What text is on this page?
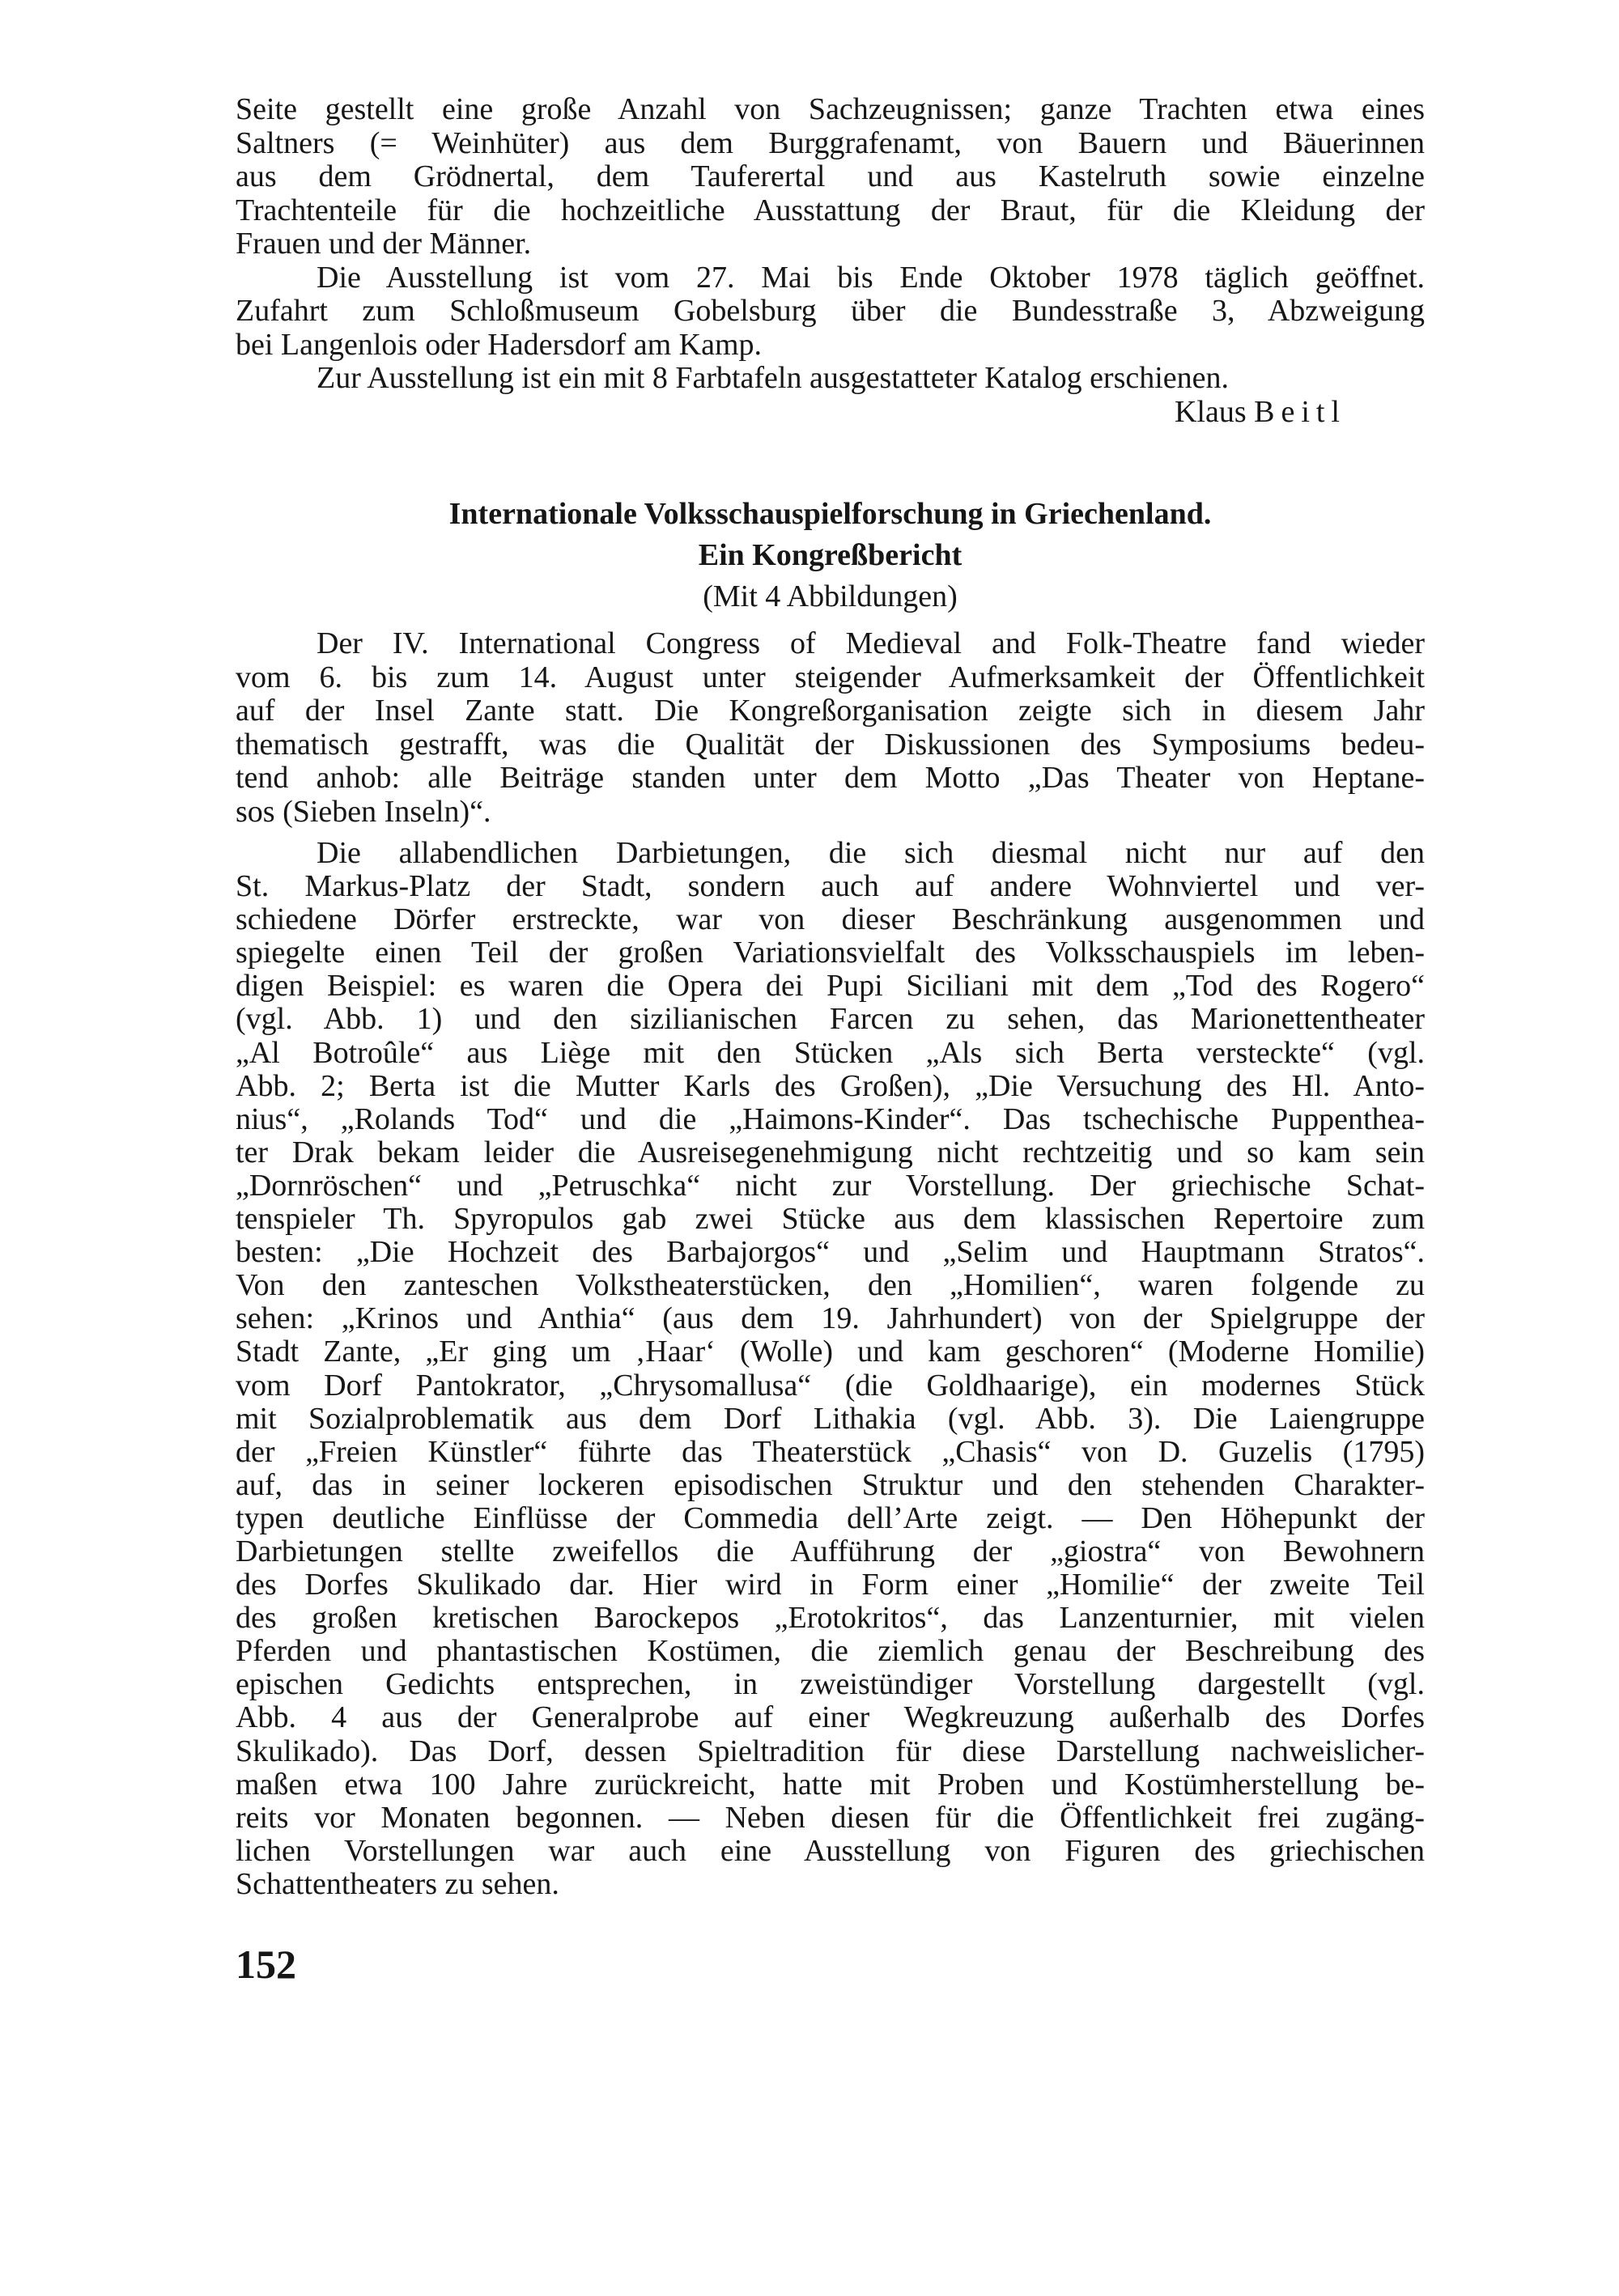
Seite gestellt eine große Anzahl von Sachzeugnissen; ganze Trachten etwa eines
Saltners (= Weinhüter) aus dem Burggrafenamt, von Bauern und Bäuerinnen
aus dem Grödnertal, dem Tauferertal und aus Kastelruth sowie einzelne
Trachtenteile für die hochzeitliche Ausstattung der Braut, für die Kleidung der
Frauen und der Männer.
Die Ausstellung ist vom 27. Mai bis Ende Oktober 1978 täglich geöffnet.
Zufahrt zum Schloßmuseum Gobelsburg über die Bundesstraße 3, Abzweigung
bei Langenlois oder Hadersdorf am Kamp.
Zur Ausstellung ist ein mit 8 Farbtafeln ausgestatteter Katalog erschienen.
Klaus Beitl
Internationale Volksschauspielforschung in Griechenland.
Ein Kongreßbericht
(Mit 4 Abbildungen)
Der IV. International Congress of Medieval and Folk-Theatre fand wieder
vom 6. bis zum 14. August unter steigender Aufmerksamkeit der Öffentlichkeit
auf der Insel Zante statt. Die Kongreßorganisation zeigte sich in diesem Jahr
thematisch gestrafft, was die Qualität der Diskussionen des Symposiums bedeu-
tend anhob: alle Beiträge standen unter dem Motto „Das Theater von Heptane-
sos (Sieben Inseln)“.
Die allabendlichen Darbietungen, die sich diesmal nicht nur auf den
St. Markus-Platz der Stadt, sondern auch auf andere Wohnviertel und ver-
schiedene Dörfer erstreckte, war von dieser Beschränkung ausgenommen und
spiegelte einen Teil der großen Variationsvielfalt des Volksschauspiels im leben-
digen Beispiel: es waren die Opera dei Pupi Siciliani mit dem „Tod des Rogero“
(vgl. Abb. 1) und den sizilianischen Farcen zu sehen, das Marionettentheater
„Al Botroûle“ aus Liège mit den Stücken „Als sich Berta versteckte“ (vgl.
Abb. 2; Berta ist die Mutter Karls des Großen), „Die Versuchung des Hl. Anto-
nius“, „Rolands Tod“ und die „Haimons-Kinder“. Das tschechische Puppenthea-
ter Drak bekam leider die Ausreisegenehmigung nicht rechtzeitig und so kam sein
„Dornröschen“ und „Petruschka“ nicht zur Vorstellung. Der griechische Schat-
tenspieler Th. Spyropulos gab zwei Stücke aus dem klassischen Repertoire zum
besten: „Die Hochzeit des Barbajorgos“ und „Selim und Hauptmann Stratos“.
Von den zanteschen Volkstheaterstücken, den „Homilien“, waren folgende zu
sehen: „Krinos und Anthia“ (aus dem 19. Jahrhundert) von der Spielgruppe der
Stadt Zante, „Er ging um ‚Haar‘ (Wolle) und kam geschoren“ (Moderne Homilie)
vom Dorf Pantokrator, „Chrysomallusa“ (die Goldhaarige), ein modernes Stück
mit Sozialproblematik aus dem Dorf Lithakia (vgl. Abb. 3). Die Laiengruppe
der „Freien Künstler“ führte das Theaterstück „Chasis“ von D. Guzelis (1795)
auf, das in seiner lockeren episodischen Struktur und den stehenden Charakter-
typen deutliche Einflüsse der Commedia dell’Arte zeigt. — Den Höhepunkt der
Darbietungen stellte zweifellos die Aufführung der „giostra“ von Bewohnern
des Dorfes Skulikado dar. Hier wird in Form einer „Homilie“ der zweite Teil
des großen kretischen Barockepos „Erotokritos“, das Lanzenturnier, mit vielen
Pferden und phantastischen Kostümen, die ziemlich genau der Beschreibung des
epischen Gedichts entsprechen, in zweistündiger Vorstellung dargestellt (vgl.
Abb. 4 aus der Generalprobe auf einer Wegkreuzung außerhalb des Dorfes
Skulikado). Das Dorf, dessen Spieltradition für diese Darstellung nachweislicher-
maßen etwa 100 Jahre zurückreicht, hatte mit Proben und Kostümherstellung be-
reits vor Monaten begonnen. — Neben diesen für die Öffentlichkeit frei zugäng-
lichen Vorstellungen war auch eine Ausstellung von Figuren des griechischen
Schattentheaters zu sehen.
152
